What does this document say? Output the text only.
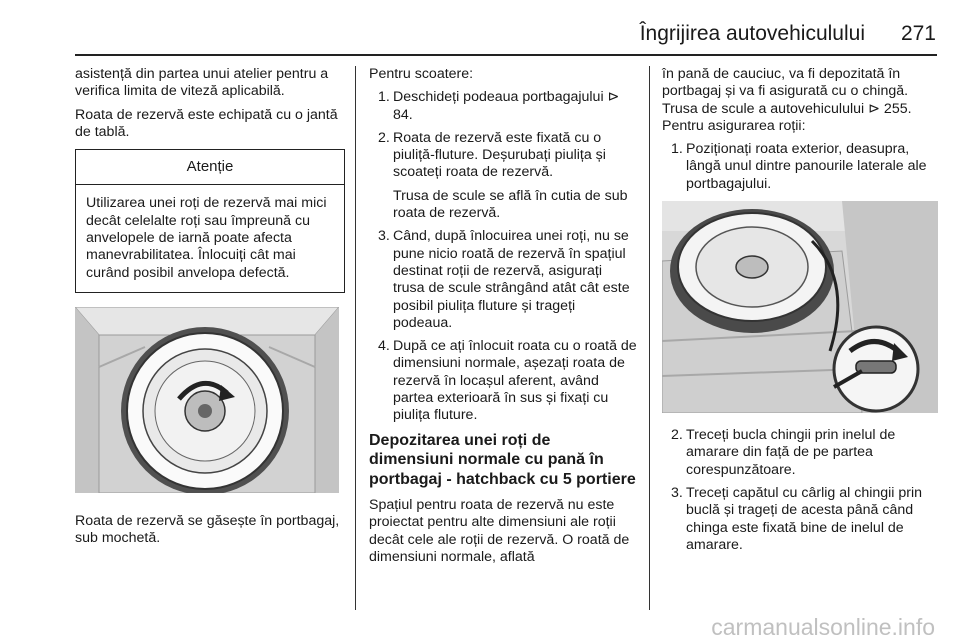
Îngrijirea autovehiculului	271

asistență din partea unui atelier pentru a verifica limita de viteză aplicabilă.

Roata de rezervă este echipată cu o jantă de tablă.

Atenție
Utilizarea unei roți de rezervă mai mici decât celelalte roți sau împreună cu anvelopele de iarnă poate afecta manevrabilitatea. Înlocuiți cât mai curând posibil anvelopa defectă.

Roata de rezervă se găsește în portbagaj, sub mochetă.

Pentru scoatere:

1. Deschideți podeaua portbagajului ⊳ 84.
2. Roata de rezervă este fixată cu o piuliță-fluture. Deșurubați piulița și scoateți roata de rezervă.
Trusa de scule se află în cutia de sub roata de rezervă.
3. Când, după înlocuirea unei roți, nu se pune nicio roată de rezervă în spațiul destinat roții de rezervă, asigurați trusa de scule strângând atât cât este posibil piulița fluture și trageți podeaua.
4. După ce ați înlocuit roata cu o roată de dimensiuni normale, așezați roata de rezervă în locașul aferent, având partea exterioară în sus și fixați cu piulița fluture.
Depozitarea unei roți de dimensiuni normale cu pană în portbagaj - hatchback cu 5 portiere

Spațiul pentru roata de rezervă nu este proiectat pentru alte dimensiuni ale roții decât cele ale roții de rezervă. O roată de dimensiuni normale, aflată

în pană de cauciuc, va fi depozitată în portbagaj și va fi asigurată cu o chingă. Trusa de scule a autovehiculului ⊳ 255. Pentru asigurarea roții:

1. Poziționați roata exterior, deasupra, lângă unul dintre panourile laterale ale portbagajului.
2. Treceți bucla chingii prin inelul de amarare din față de pe partea corespunzătoare.
3. Treceți capătul cu cârlig al chingii prin buclă și trageți de acesta până când chinga este fixată bine de inelul de amarare.
carmanualsonline.info
